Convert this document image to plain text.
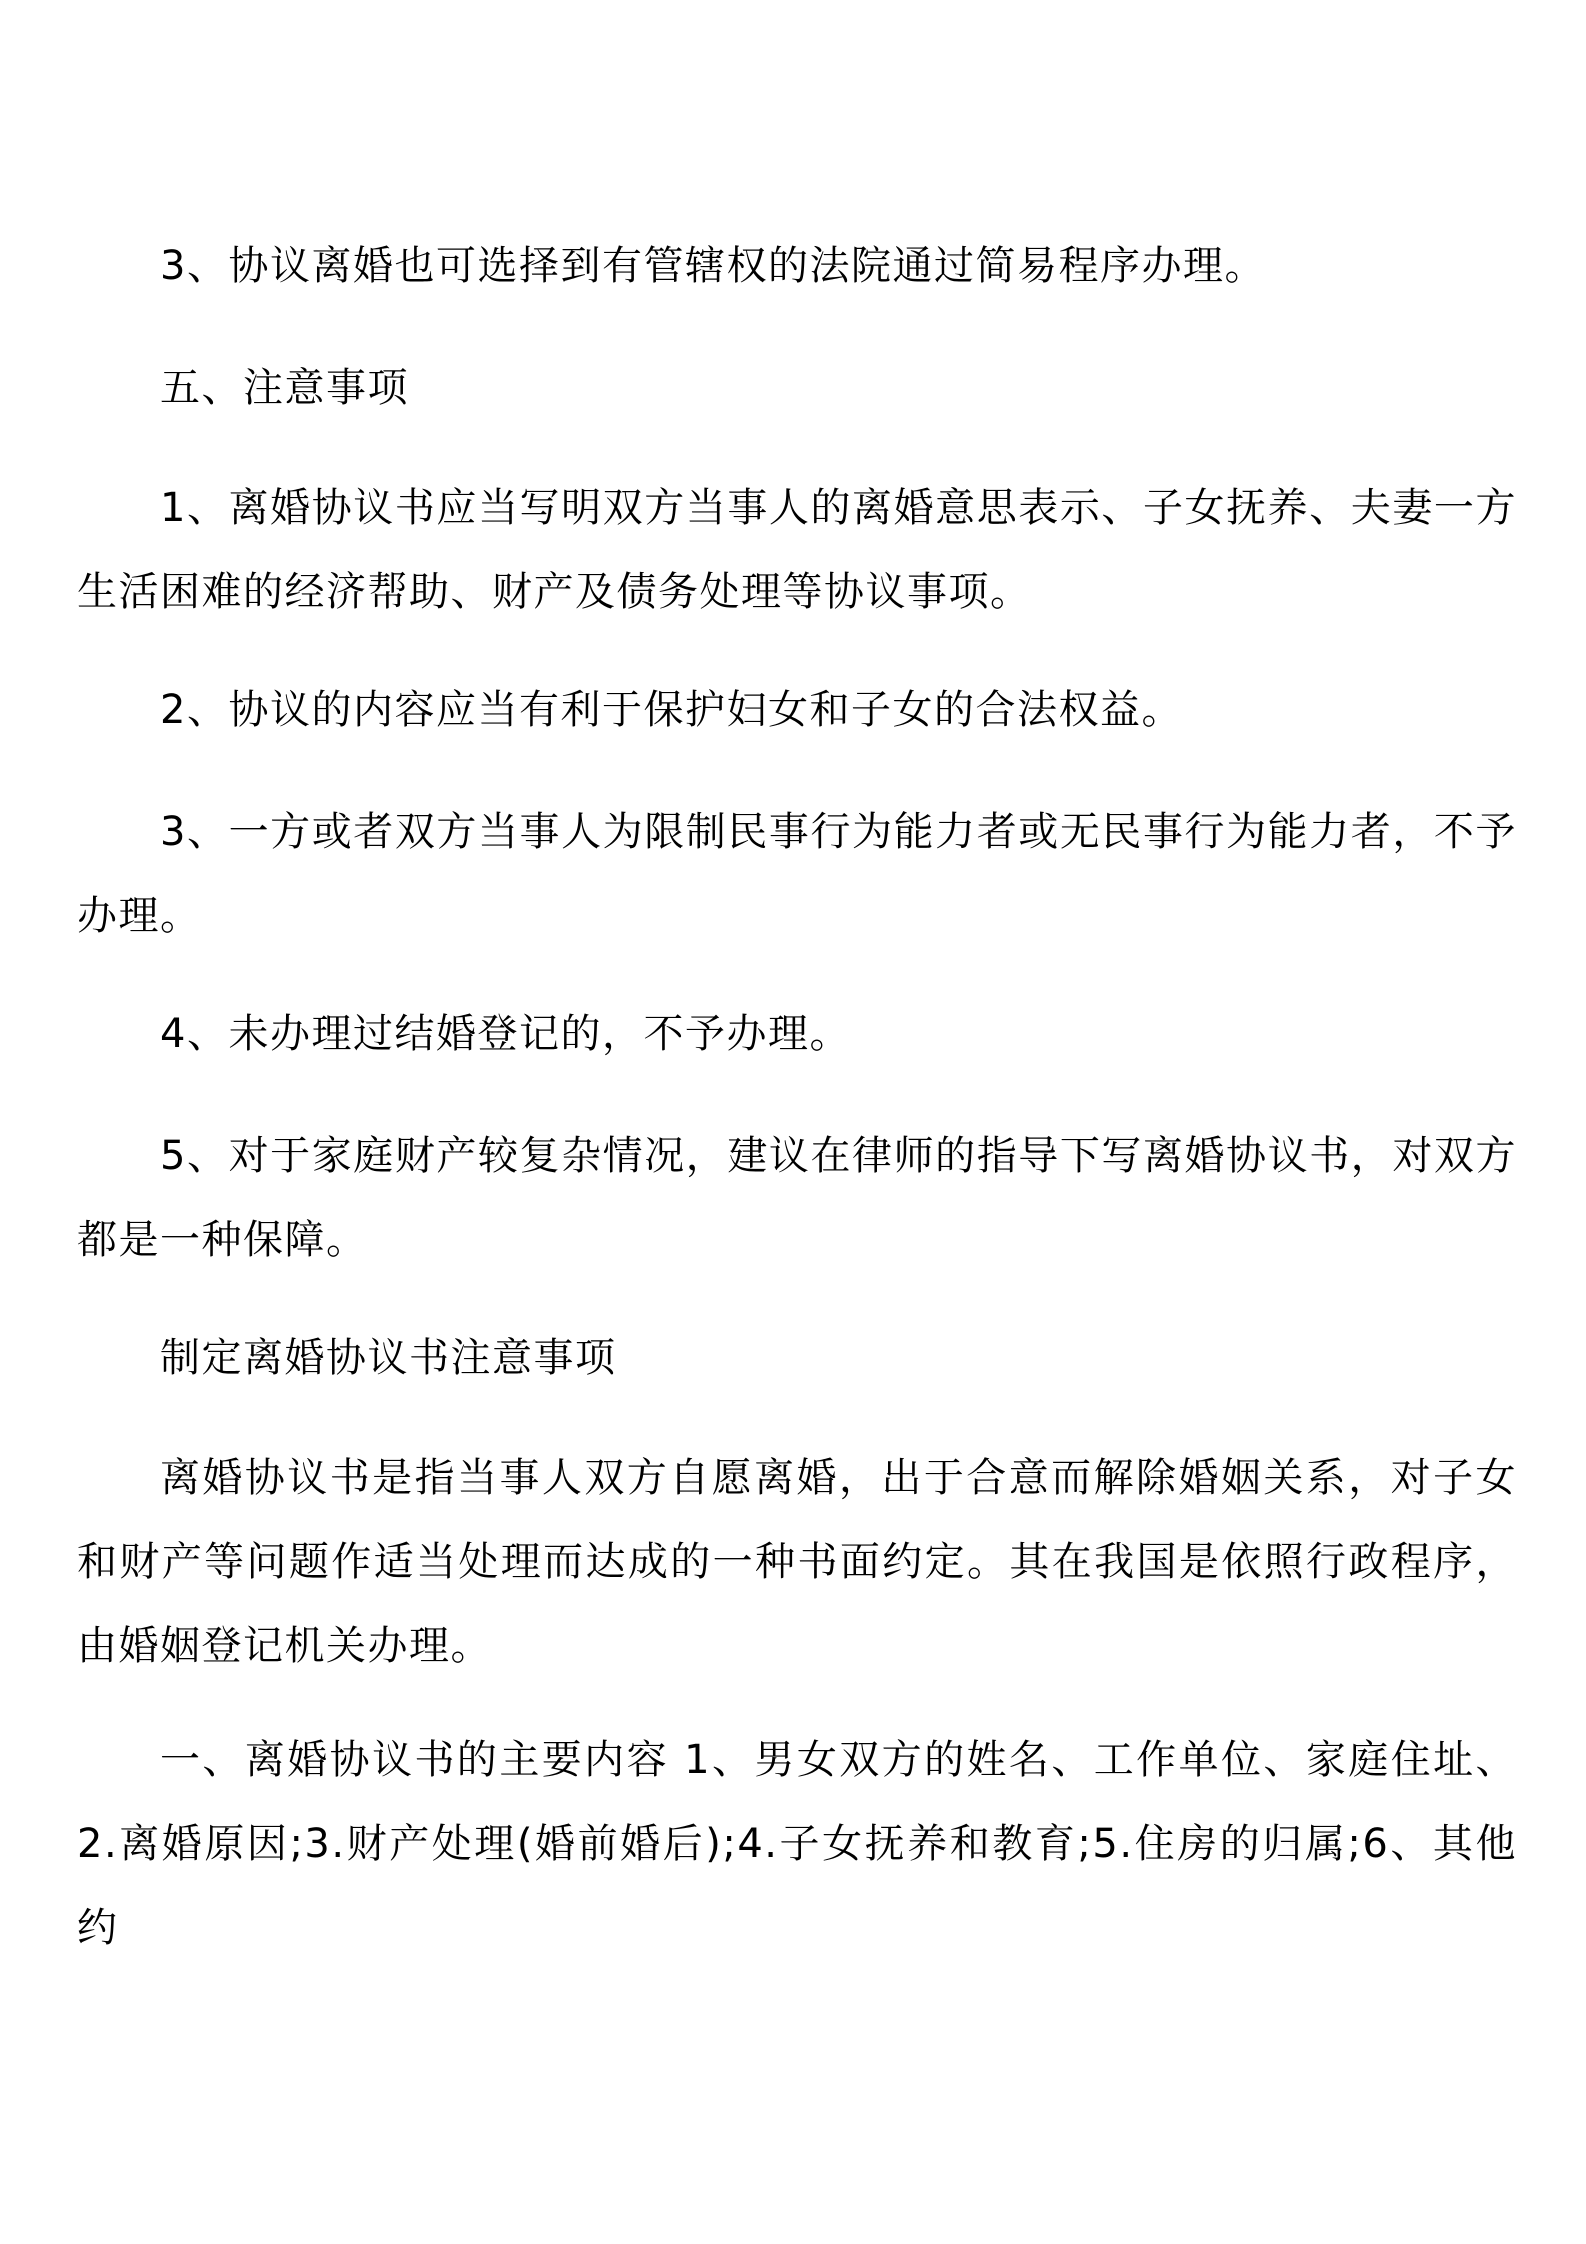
3、协议离婚也可选择到有管辖权的法院通过简易程序办理。

五、注意事项

1、离婚协议书应当写明双方当事人的离婚意思表示、子女抚养、夫妻一方生活困难的经济帮助、财产及债务处理等协议事项。

2、协议的内容应当有利于保护妇女和子女的合法权益。

3、一方或者双方当事人为限制民事行为能力者或无民事行为能力者，不予办理。

4、未办理过结婚登记的，不予办理。

5、对于家庭财产较复杂情况，建议在律师的指导下写离婚协议书，对双方都是一种保障。

制定离婚协议书注意事项

离婚协议书是指当事人双方自愿离婚，出于合意而解除婚姻关系，对子女和财产等问题作适当处理而达成的一种书面约定。其在我国是依照行政程序，由婚姻登记机关办理。

一、离婚协议书的主要内容 1、男女双方的姓名、工作单位、家庭住址、2.离婚原因;3.财产处理(婚前婚后);4.子女抚养和教育;5.住房的归属;6、其他约
